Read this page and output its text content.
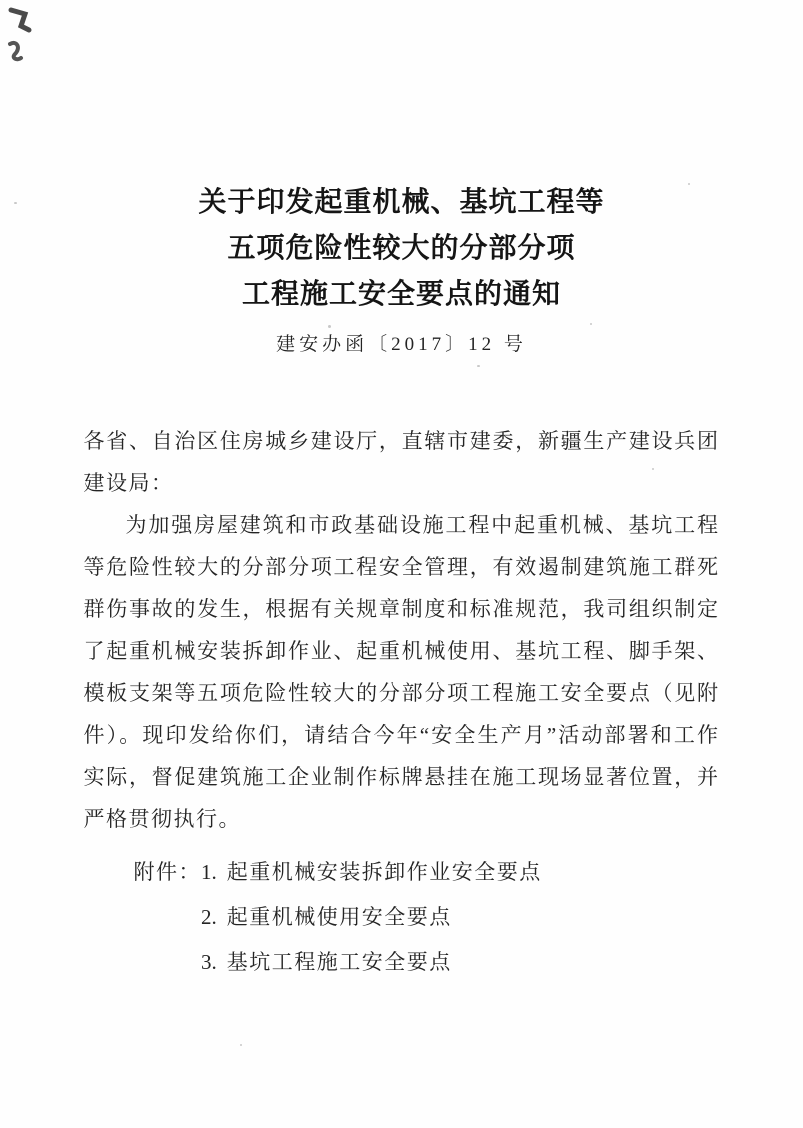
关于印发起重机械、基坑工程等
五项危险性较大的分部分项
工程施工安全要点的通知
建安办函〔2017〕12 号

各省、自治区住房城乡建设厅，直辖市建委，新疆生产建设兵团建设局：

为加强房屋建筑和市政基础设施工程中起重机械、基坑工程等危险性较大的分部分项工程安全管理，有效遏制建筑施工群死群伤事故的发生，根据有关规章制度和标准规范，我司组织制定了起重机械安装拆卸作业、起重机械使用、基坑工程、脚手架、模板支架等五项危险性较大的分部分项工程施工安全要点（见附件）。现印发给你们，请结合今年“安全生产月”活动部署和工作实际，督促建筑施工企业制作标牌悬挂在施工现场显著位置，并严格贯彻执行。

附件： 1. 起重机械安装拆卸作业安全要点
2. 起重机械使用安全要点
3. 基坑工程施工安全要点
